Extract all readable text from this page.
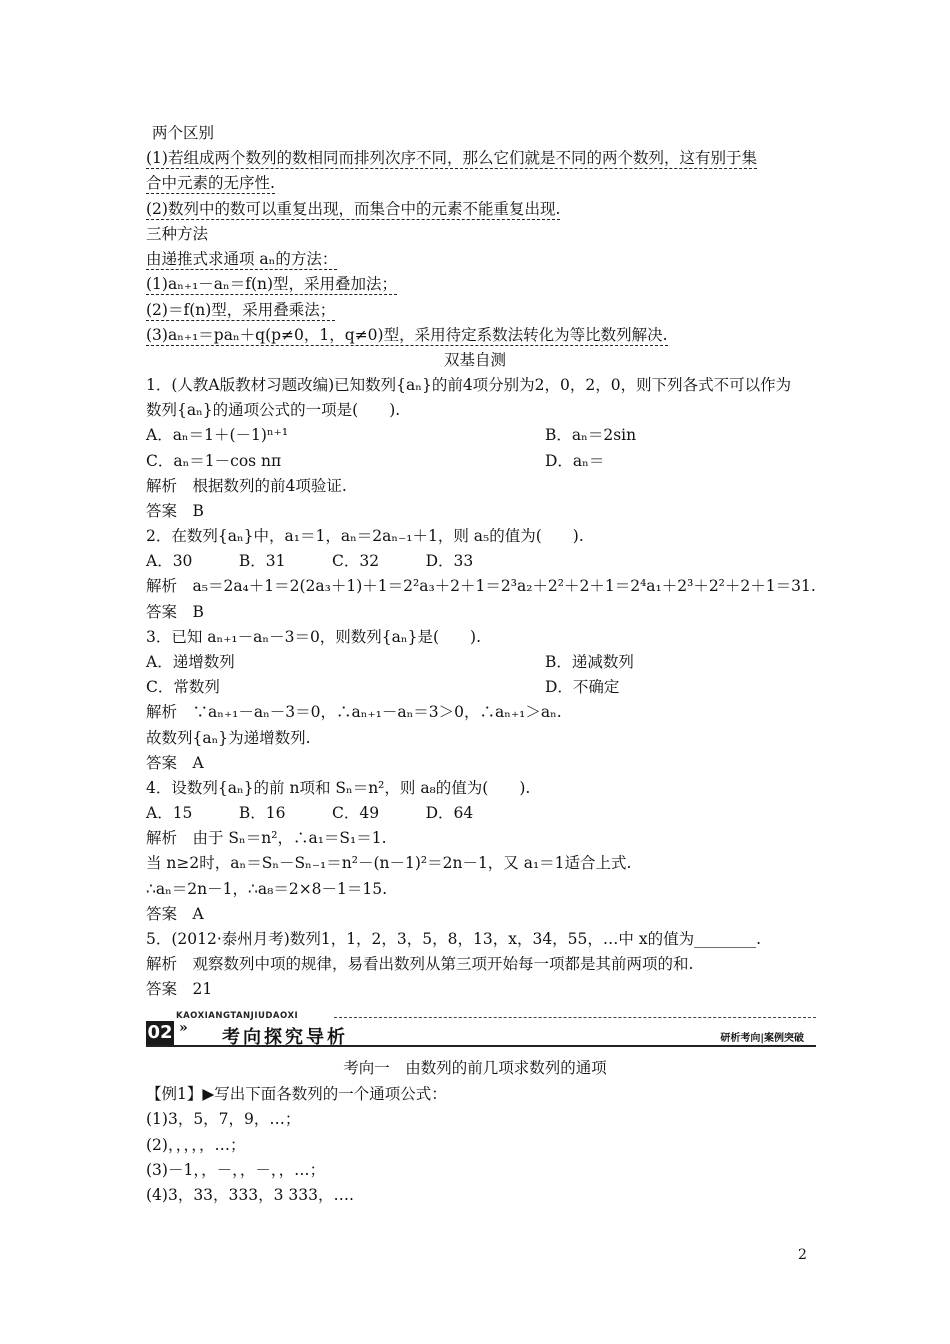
两个区别
(1)若组成两个数列的数相同而排列次序不同，那么它们就是不同的两个数列，这有别于集
合中元素的无序性.
(2)数列中的数可以重复出现，而集合中的元素不能重复出现.
三种方法
由递推式求通项 aₙ的方法：
(1)aₙ₊₁－aₙ＝f(n)型，采用叠加法；
(2)＝f(n)型，采用叠乘法；
(3)aₙ₊₁＝paₙ＋q(p≠0，1，q≠0)型，采用待定系数法转化为等比数列解决.
双基自测
1．(人教A版教材习题改编)已知数列{aₙ}的前4项分别为2，0，2，0，则下列各式不可以作为
数列{aₙ}的通项公式的一项是(　　).
A．aₙ＝1＋(－1)ⁿ⁺¹	B．aₙ＝2sin
C．aₙ＝1－cos nπ	D．aₙ＝
解析　根据数列的前4项验证.
答案　B
2．在数列{aₙ}中，a₁＝1，aₙ＝2aₙ₋₁＋1，则 a₅的值为(　　).
A．30　　　B．31　　　C．32　　　D．33
解析　a₅＝2a₄＋1＝2(2a₃＋1)＋1＝2²a₃＋2＋1＝2³a₂＋2²＋2＋1＝2⁴a₁＋2³＋2²＋2＋1＝31.
答案　B
3．已知 aₙ₊₁－aₙ－3＝0，则数列{aₙ}是(　　).
A．递增数列	B．递减数列
C．常数列	D．不确定
解析　∵aₙ₊₁－aₙ－3＝0，∴aₙ₊₁－aₙ＝3＞0，∴aₙ₊₁＞aₙ.
故数列{aₙ}为递增数列.
答案　A
4．设数列{aₙ}的前 n项和 Sₙ＝n²，则 a₈的值为(　　).
A．15　　　B．16　　　C．49　　　D．64
解析　由于 Sₙ＝n²，∴a₁＝S₁＝1.
当 n≥2时，aₙ＝Sₙ－Sₙ₋₁＝n²－(n－1)²＝2n－1，又 a₁＝1适合上式.
∴aₙ＝2n－1，∴a₈＝2×8－1＝15.
答案　A
5．(2012·泰州月考)数列1，1，2，3，5，8，13，x，34，55，…中 x的值为________.
解析　观察数列中项的规律，易看出数列从第三项开始每一项都是其前两项的和.
答案　21
KAOXIANGTANJIUDAOXI
02 » 考向探究导析	研析考向|案例突破
考向一　由数列的前几项求数列的通项
【例1】▶写出下面各数列的一个通项公式：
(1)3，5，7，9，…；
(2)，，，，，…；
(3)－1，，－，，－，，…；
(4)3，33，333，3 333，….
2
